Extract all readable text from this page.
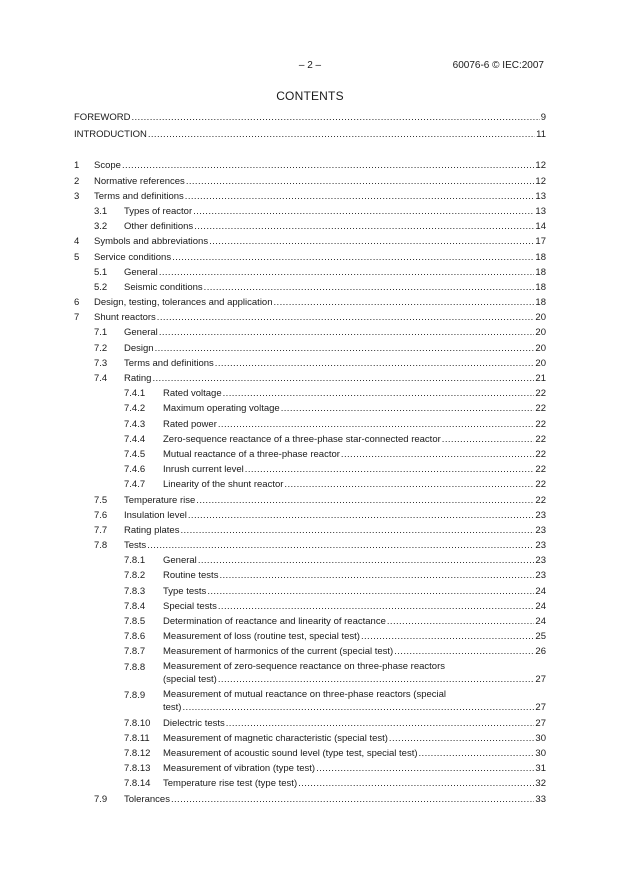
– 2 –	60076-6 © IEC:2007
CONTENTS
FOREWORD .....	9
INTRODUCTION .....	11
1 Scope .....	12
2 Normative references .....	12
3 Terms and definitions .....	13
3.1 Types of reactor .....	13
3.2 Other definitions .....	14
4 Symbols and abbreviations .....	17
5 Service conditions .....	18
5.1 General .....	18
5.2 Seismic conditions .....	18
6 Design, testing, tolerances and application .....	18
7 Shunt reactors .....	20
7.1 General .....	20
7.2 Design .....	20
7.3 Terms and definitions .....	20
7.4 Rating .....	21
7.4.1 Rated voltage .....	22
7.4.2 Maximum operating voltage .....	22
7.4.3 Rated power .....	22
7.4.4 Zero-sequence reactance of a three-phase star-connected reactor .....	22
7.4.5 Mutual reactance of a three-phase reactor .....	22
7.4.6 Inrush current level .....	22
7.4.7 Linearity of the shunt reactor .....	22
7.5 Temperature rise .....	22
7.6 Insulation level .....	23
7.7 Rating plates .....	23
7.8 Tests .....	23
7.8.1 General .....	23
7.8.2 Routine tests .....	23
7.8.3 Type tests .....	24
7.8.4 Special tests .....	24
7.8.5 Determination of reactance and linearity of reactance .....	24
7.8.6 Measurement of loss (routine test, special test) .....	25
7.8.7 Measurement of harmonics of the current (special test) .....	26
7.8.8 Measurement of zero-sequence reactance on three-phase reactors
(special test) .....	27
7.8.9 Measurement of mutual reactance on three-phase reactors (special
test) .....	27
7.8.10 Dielectric tests .....	27
7.8.11 Measurement of magnetic characteristic (special test) .....	30
7.8.12 Measurement of acoustic sound level (type test, special test) .....	30
7.8.13 Measurement of vibration (type test) .....	31
7.8.14 Temperature rise test (type test) .....	32
7.9 Tolerances .....	33
